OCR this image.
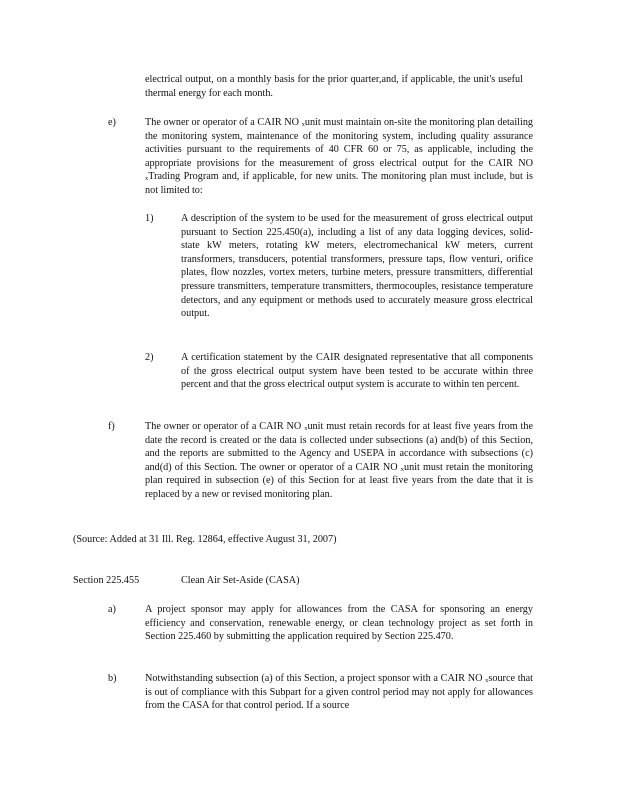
electrical output, on a monthly basis for the prior quarter,and, if applicable, the unit's useful thermal energy for each month.

e)	The owner or operator of a CAIR NO $_x$unit must maintain on-site the monitoring plan detailing the monitoring system, maintenance of the monitoring system, including quality assurance activities pursuant to the requirements of 40 CFR 60 or 75, as applicable, including the appropriate provisions for the measurement of gross electrical output for the CAIR NO $_x$Trading Program and, if applicable, for new units. The monitoring plan must include, but is not limited to:

1)	A description of the system to be used for the measurement of gross electrical output pursuant to Section 225.450(a), including a list of any data logging devices, solid-state kW meters, rotating kW meters, electromechanical kW meters, current transformers, transducers, potential transformers, pressure taps, flow venturi, orifice plates, flow nozzles, vortex meters, turbine meters, pressure transmitters, differential pressure transmitters, temperature transmitters, thermocouples, resistance temperature detectors, and any equipment or methods used to accurately measure gross electrical output.

2)	A certification statement by the CAIR designated representative that all components of the gross electrical output system have been tested to be accurate within three percent and that the gross electrical output system is accurate to within ten percent.

f)	The owner or operator of a CAIR NO $_x$unit must retain records for at least five years from the date the record is created or the data is collected under subsections (a) and(b) of this Section, and the reports are submitted to the Agency and USEPA in accordance with subsections (c) and(d) of this Section. The owner or operator of a CAIR NO $_x$unit must retain the monitoring plan required in subsection (e) of this Section for at least five years from the date that it is replaced by a new or revised monitoring plan.

(Source: Added at 31 Ill. Reg. 12864, effective August 31, 2007)

Section 225.455	Clean Air Set-Aside (CASA)
a)	A project sponsor may apply for allowances from the CASA for sponsoring an energy efficiency and conservation, renewable energy, or clean technology project as set forth in Section 225.460 by submitting the application required by Section 225.470.

b)	Notwithstanding subsection (a) of this Section, a project sponsor with a CAIR NO $_x$source that is out of compliance with this Subpart for a given control period may not apply for allowances from the CASA for that control period. If a source
